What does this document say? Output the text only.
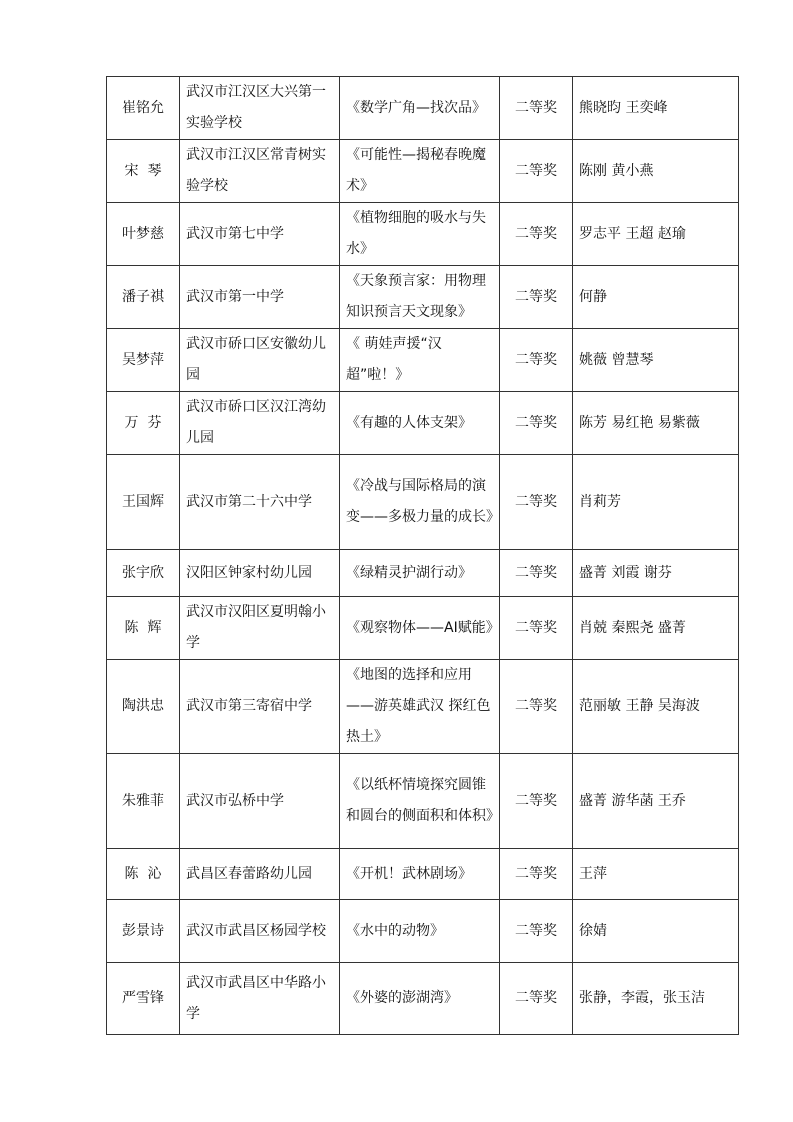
崔铭允	武汉市江汉区大兴第一实验学校	《数学广角—找次品》	二等奖	熊晓昀 王奕峰
宋  琴	武汉市江汉区常青树实验学校	《可能性—揭秘春晚魔术》	二等奖	陈刚 黄小燕
叶梦慈	武汉市第七中学	《植物细胞的吸水与失水》	二等奖	罗志平 王超 赵瑜
潘子祺	武汉市第一中学	《天象预言家：用物理知识预言天文现象》	二等奖	何静
吴梦萍	武汉市硚口区安徽幼儿园	《 萌娃声援“汉超”啦！》	二等奖	姚薇 曾慧琴
万  芬	武汉市硚口区汉江湾幼儿园	《有趣的人体支架》	二等奖	陈芳 易红艳 易紫薇
王国辉	武汉市第二十六中学	《冷战与国际格局的演变——多极力量的成长》	二等奖	肖莉芳
张宇欣	汉阳区钟家村幼儿园	《绿精灵护湖行动》	二等奖	盛菁 刘霞 谢芬
陈  辉	武汉市汉阳区夏明翰小学	《观察物体——AI赋能》	二等奖	肖兢 秦熙尧 盛菁
陶洪忠	武汉市第三寄宿中学	《地图的选择和应用——游英雄武汉 探红色热土》	二等奖	范丽敏 王静 吴海波
朱雅菲	武汉市弘桥中学	《以纸杯情境探究圆锥和圆台的侧面积和体积》	二等奖	盛菁 游华菡 王乔
陈  沁	武昌区春蕾路幼儿园	《开机！武林剧场》	二等奖	王萍
彭景诗	武汉市武昌区杨园学校	《水中的动物》	二等奖	徐婧
严雪锋	武汉市武昌区中华路小学	《外婆的澎湖湾》	二等奖	张静，李霞，张玉洁
